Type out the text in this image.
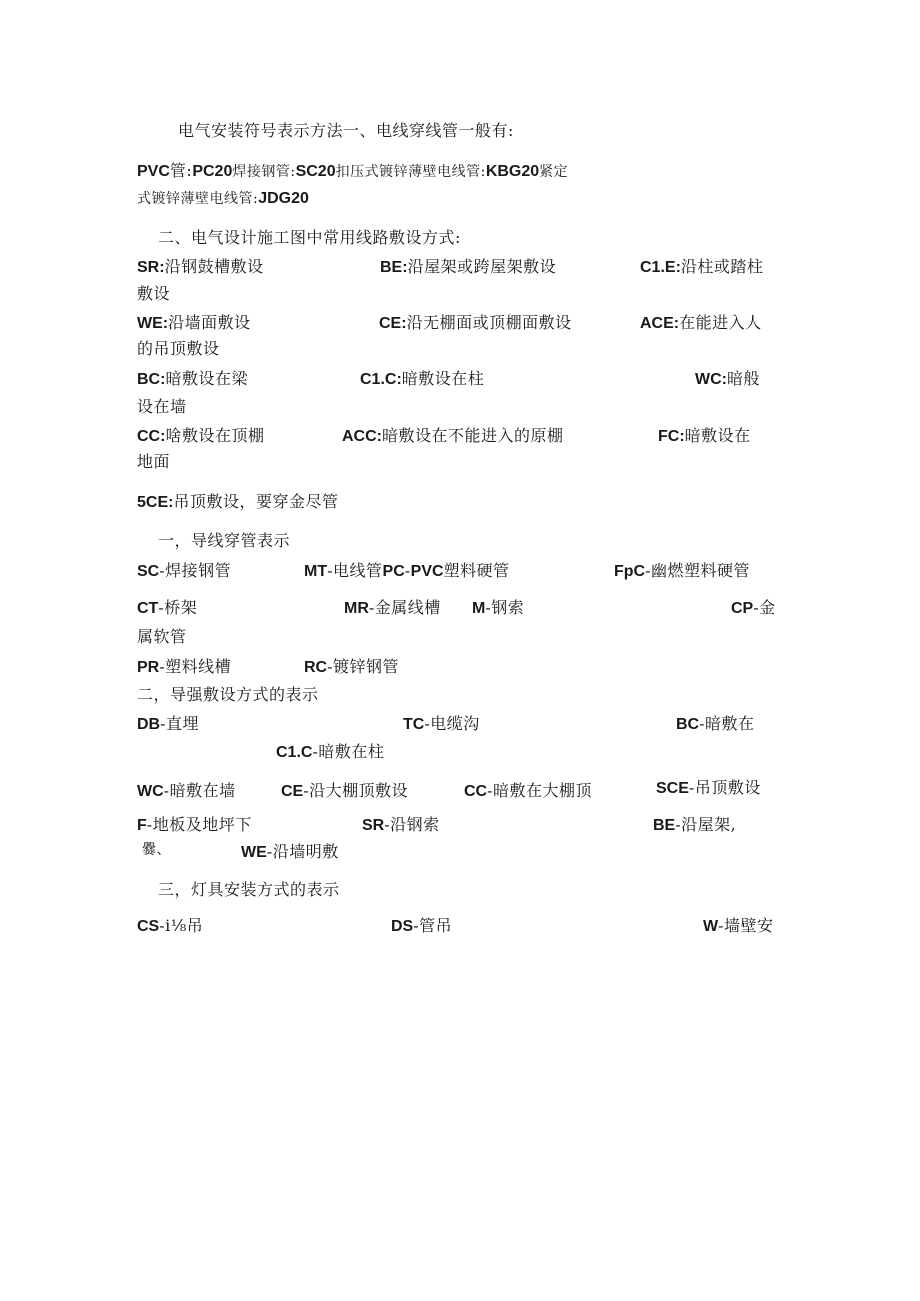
电气安装符号表示方法一、电线穿线管一般有:
PVC管:PC20焊接钢管:SC20扣压式镀锌薄壁电线管:KBG20紧定
式镀锌薄壁电线管:JDG20
二、电气设计施工图中常用线路敷设方式:
SR:沿钢鼓槽敷设	BE:沿屋架或跨屋架敷设	C1.E:沿柱或踏柱
敷设
WE:沿墙面敷设	CE:沿无棚面或顶棚面敷设	ACE:在能进入人
的吊顶敷设
BC:暗敷设在梁	C1.C:暗敷设在柱	WC:暗般
设在墙
CC:啥敷设在顶棚	ACC:暗敷设在不能进入的原棚	FC:暗敷设在
地面
5CE:吊顶敷设，要穿金尽管
一，导线穿管表示
SC-焊接钢管	MT-电线管PC-PVC塑料硬管	FpC-幽燃塑料硬管
CT-桥架	MR-金属线槽 M-钢索	CP-金
属软管
PR-塑料线槽	RC-镀锌钢管
二，导强敷设方式的表示
DB-直埋	TC-电缆沟	BC-暗敷在
C1.C-暗敷在柱
WC-暗敷在墙	CE-沿大棚顶敷设	CC-暗敷在大棚顶	SCE-吊顶敷设
F-地板及地坪下	SR-沿钢索	BE-沿屋架,
爨、	WE-沿墙明敷
三，灯具安装方式的表示
CS-i⅛吊	DS-管吊	W-墙壁安
